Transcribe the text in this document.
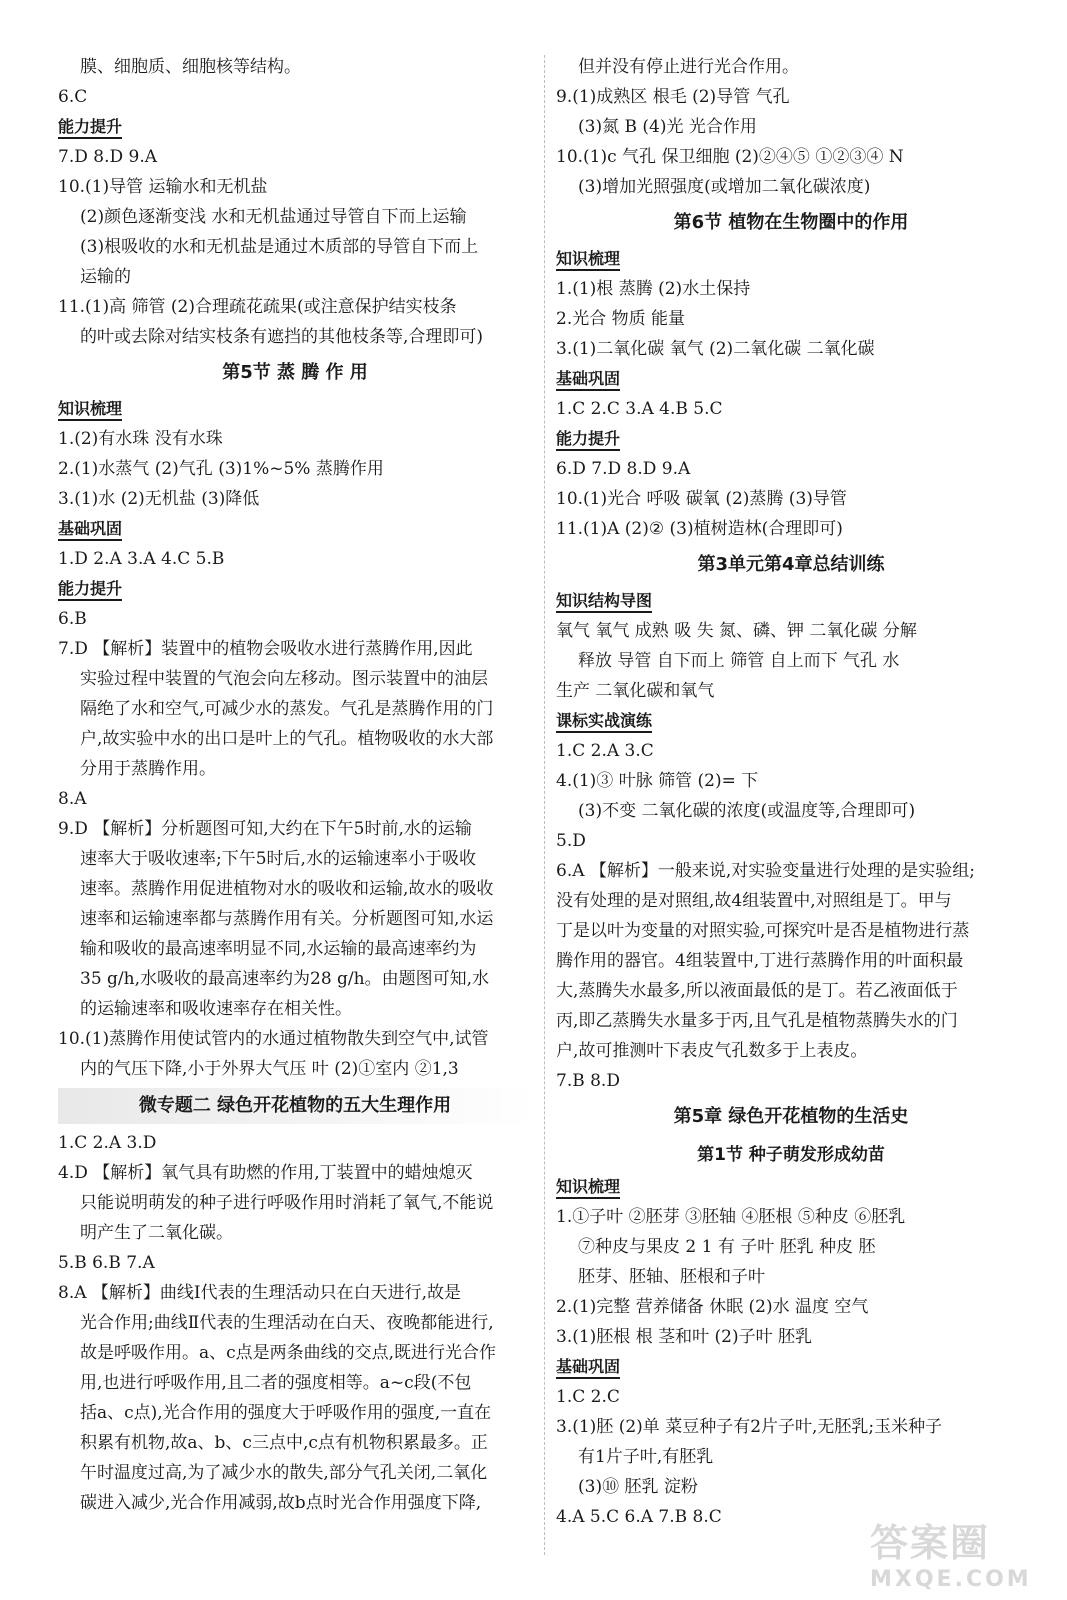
膜、细胞质、细胞核等结构。
6.C
能力提升
7.D 8.D 9.A
10.(1)导管 运输水和无机盐
(2)颜色逐渐变浅 水和无机盐通过导管自下而上运输
(3)根吸收的水和无机盐是通过木质部的导管自下而上
运输的
11.(1)高 筛管 (2)合理疏花疏果(或注意保护结实枝条
的叶或去除对结实枝条有遮挡的其他枝条等,合理即可)
第5节 蒸 腾 作 用
知识梳理
1.(2)有水珠 没有水珠
2.(1)水蒸气 (2)气孔 (3)1%~5% 蒸腾作用
3.(1)水 (2)无机盐 (3)降低
基础巩固
1.D 2.A 3.A 4.C 5.B
能力提升
6.B
7.D 【解析】装置中的植物会吸收水进行蒸腾作用,因此
实验过程中装置的气泡会向左移动。图示装置中的油层
隔绝了水和空气,可减少水的蒸发。气孔是蒸腾作用的门
户,故实验中水的出口是叶上的气孔。植物吸收的水大部
分用于蒸腾作用。
8.A
9.D 【解析】分析题图可知,大约在下午5时前,水的运输
速率大于吸收速率;下午5时后,水的运输速率小于吸收
速率。蒸腾作用促进植物对水的吸收和运输,故水的吸收
速率和运输速率都与蒸腾作用有关。分析题图可知,水运
输和吸收的最高速率明显不同,水运输的最高速率约为
35 g/h,水吸收的最高速率约为28 g/h。由题图可知,水
的运输速率和吸收速率存在相关性。
10.(1)蒸腾作用使试管内的水通过植物散失到空气中,试管
内的气压下降,小于外界大气压 叶 (2)①室内 ②1,3
微专题二 绿色开花植物的五大生理作用
1.C 2.A 3.D
4.D 【解析】氧气具有助燃的作用,丁装置中的蜡烛熄灭
只能说明萌发的种子进行呼吸作用时消耗了氧气,不能说
明产生了二氧化碳。
5.B 6.B 7.A
8.A 【解析】曲线Ⅰ代表的生理活动只在白天进行,故是
光合作用;曲线Ⅱ代表的生理活动在白天、夜晚都能进行,
故是呼吸作用。a、c点是两条曲线的交点,既进行光合作
用,也进行呼吸作用,且二者的强度相等。a~c段(不包
括a、c点),光合作用的强度大于呼吸作用的强度,一直在
积累有机物,故a、b、c三点中,c点有机物积累最多。正
午时温度过高,为了减少水的散失,部分气孔关闭,二氧化
碳进入减少,光合作用减弱,故b点时光合作用强度下降,
但并没有停止进行光合作用。
9.(1)成熟区 根毛 (2)导管 气孔
(3)氮 B (4)光 光合作用
10.(1)c 气孔 保卫细胞 (2)②④⑤ ①②③④ N
(3)增加光照强度(或增加二氧化碳浓度)
第6节 植物在生物圈中的作用
知识梳理
1.(1)根 蒸腾 (2)水土保持
2.光合 物质 能量
3.(1)二氧化碳 氧气 (2)二氧化碳 二氧化碳
基础巩固
1.C 2.C 3.A 4.B 5.C
能力提升
6.D 7.D 8.D 9.A
10.(1)光合 呼吸 碳氧 (2)蒸腾 (3)导管
11.(1)A (2)② (3)植树造林(合理即可)
第3单元第4章总结训练
知识结构导图
氧气 氧气 成熟 吸 失 氮、磷、钾 二氧化碳 分解
释放 导管 自下而上 筛管 自上而下 气孔 水
生产 二氧化碳和氧气
课标实战演练
1.C 2.A 3.C
4.(1)③ 叶脉 筛管 (2)= 下
(3)不变 二氧化碳的浓度(或温度等,合理即可)
5.D
6.A 【解析】一般来说,对实验变量进行处理的是实验组;
没有处理的是对照组,故4组装置中,对照组是丁。甲与
丁是以叶为变量的对照实验,可探究叶是否是植物进行蒸
腾作用的器官。4组装置中,丁进行蒸腾作用的叶面积最
大,蒸腾失水最多,所以液面最低的是丁。若乙液面低于
丙,即乙蒸腾失水量多于丙,且气孔是植物蒸腾失水的门
户,故可推测叶下表皮气孔数多于上表皮。
7.B 8.D
第5章 绿色开花植物的生活史
第1节 种子萌发形成幼苗
知识梳理
1.①子叶 ②胚芽 ③胚轴 ④胚根 ⑤种皮 ⑥胚乳
⑦种皮与果皮 2 1 有 子叶 胚乳 种皮 胚
胚芽、胚轴、胚根和子叶
2.(1)完整 营养储备 休眠 (2)水 温度 空气
3.(1)胚根 根 茎和叶 (2)子叶 胚乳
基础巩固
1.C 2.C
3.(1)胚 (2)单 菜豆种子有2片子叶,无胚乳;玉米种子
有1片子叶,有胚乳
(3)⑩ 胚乳 淀粉
4.A 5.C 6.A 7.B 8.C
答案圈
MXQE.COM
